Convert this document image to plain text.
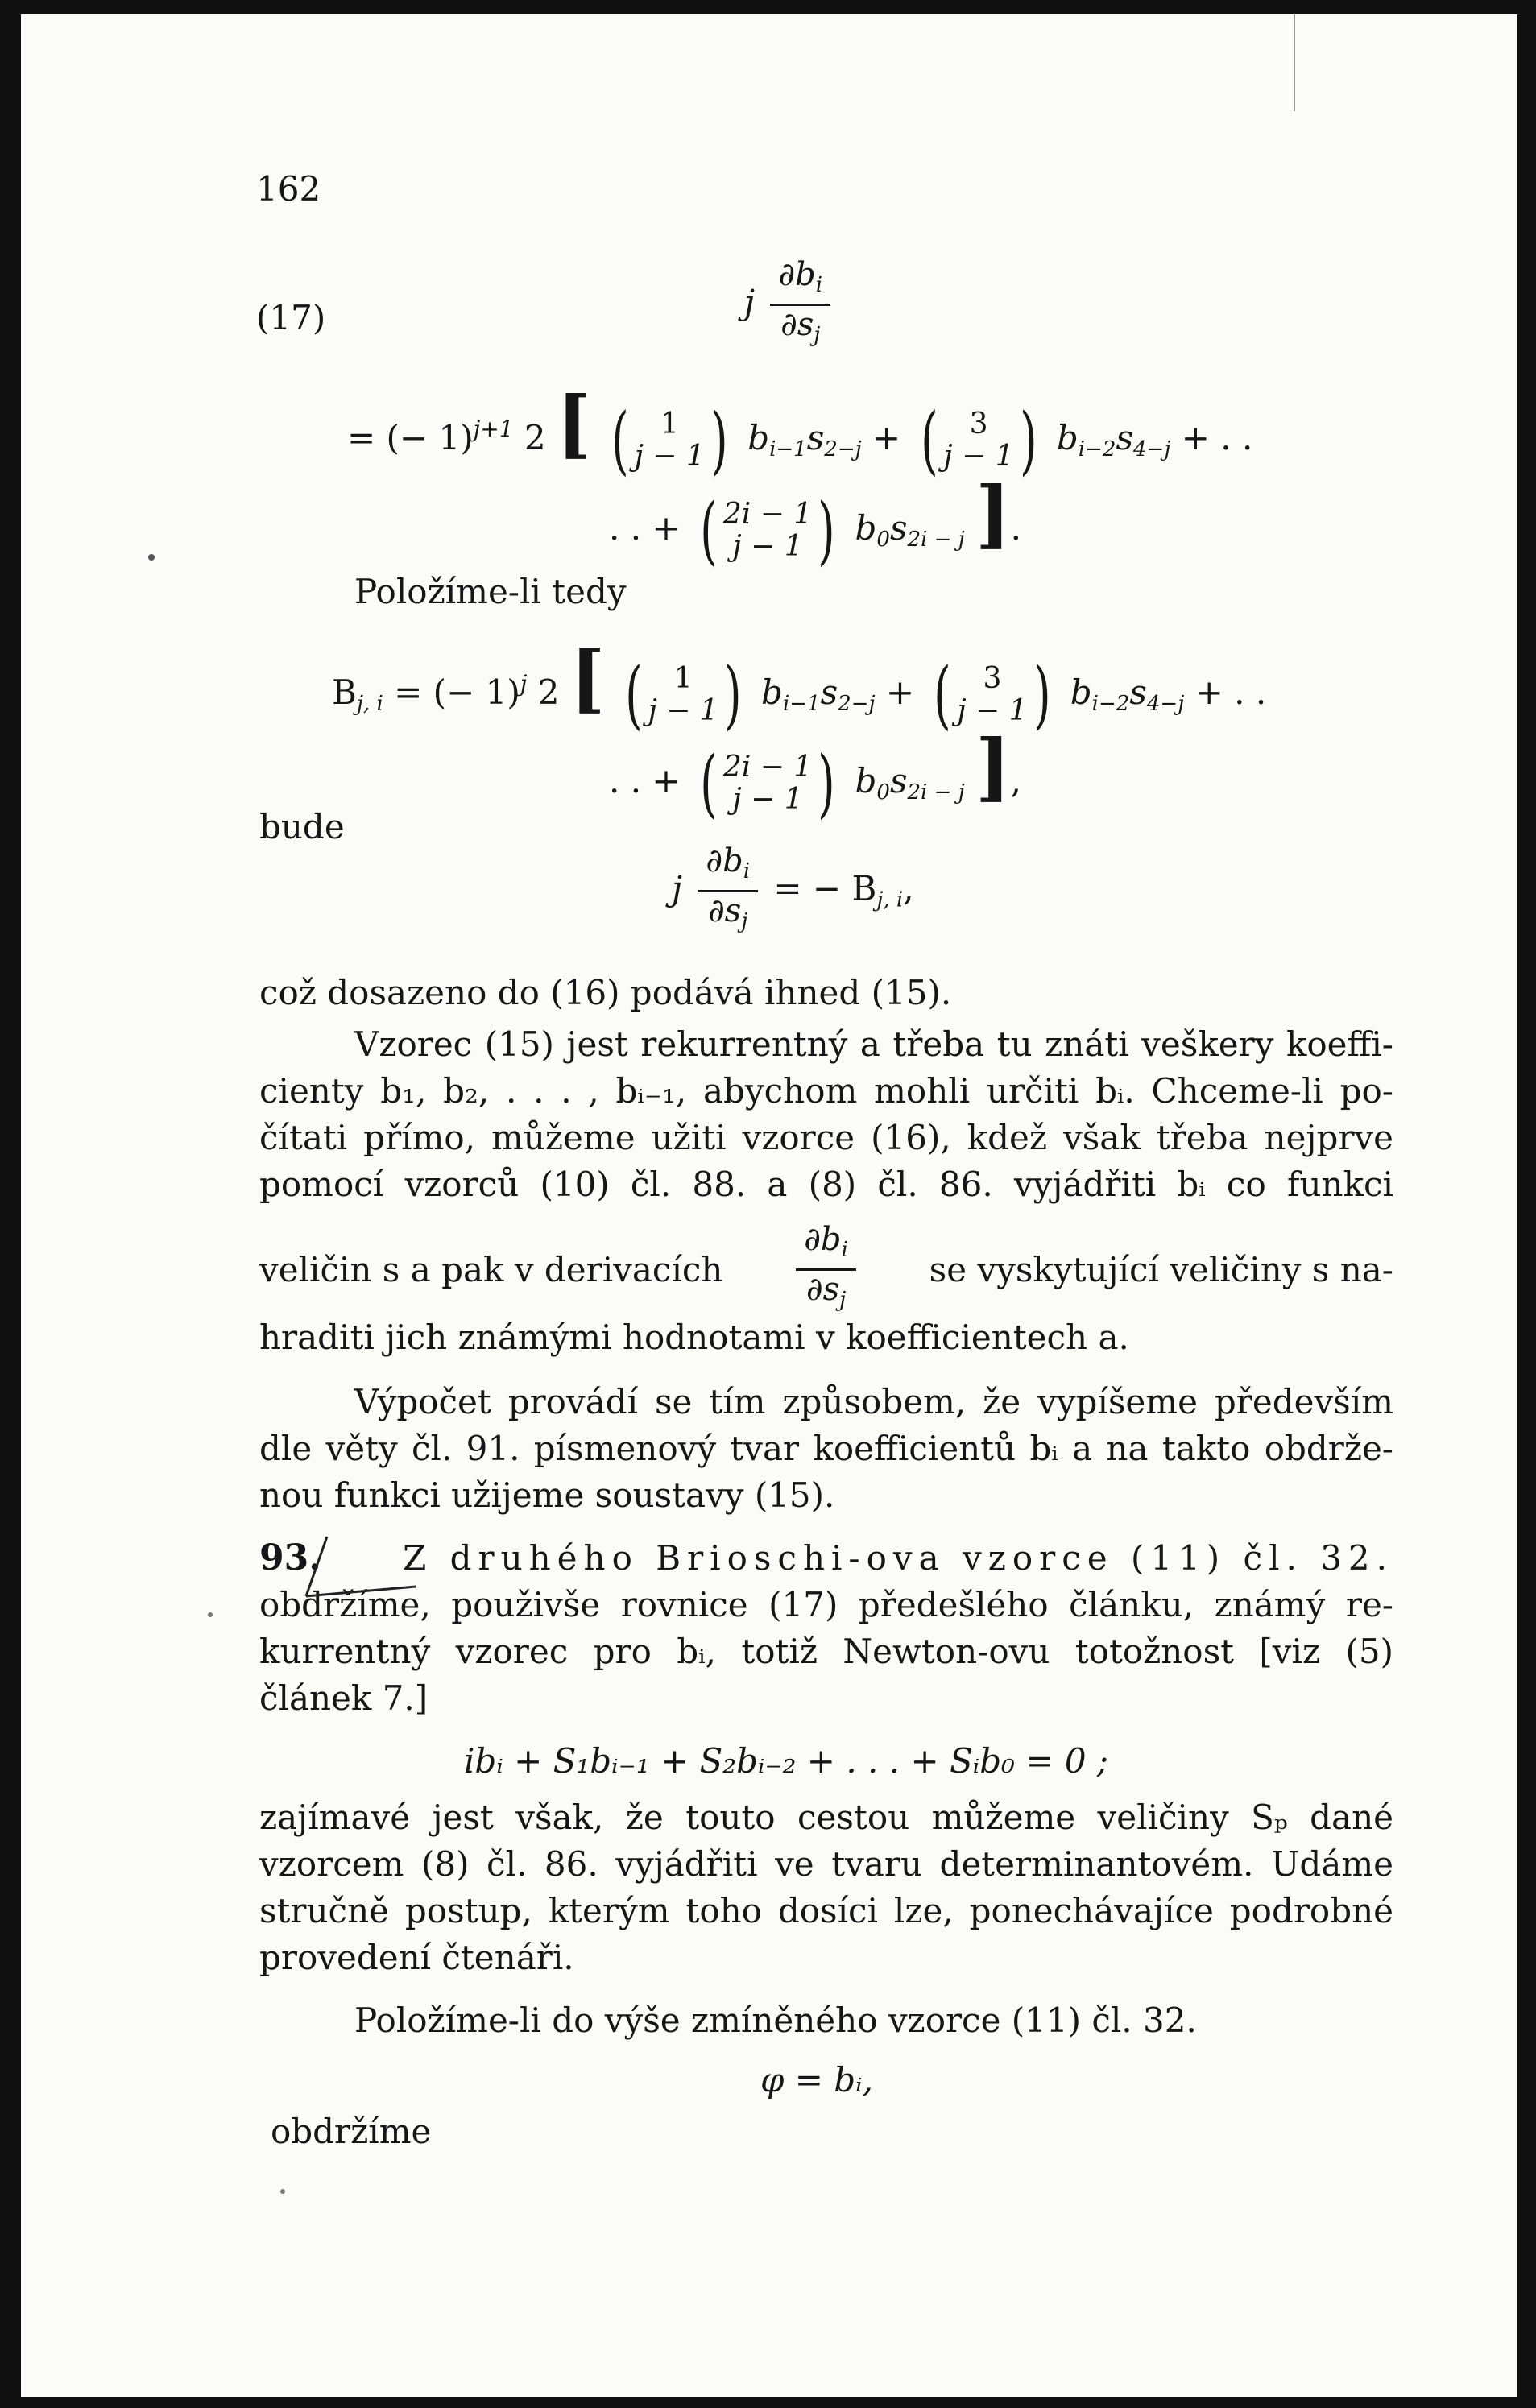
162
(17)	j $\frac{\partial b_i}{\partial s_j}$
= (− 1)$^{j+1}$ 2 [ ( 1
j − 1 ) $b_{i-1}s_{2-j}$ + ( 3
j − 1 ) $b_{i-2}s_{4-j}$ + . .
. . + ( 2i − 1
j − 1 ) $b_0s_{2i - j}$ ].
Položíme-li tedy
$B_{j, i}$ = (− 1)$^j$ 2 [ ( 1
j − 1 ) $b_{i-1}s_{2-j}$ + ( 3
j − 1 ) $b_{i-2}s_{4-j}$ + . .
. . + ( 2i − 1
j − 1 ) $b_0s_{2i - j}$ ],
bude
j $\frac{\partial b_i}{\partial s_j}$ = − $B_{j, i}$,
což dosazeno do (16) podává ihned (15).
Vzorec (15) jest rekurrentný a třeba tu znáti veškery koeffi-
cienty b₁, b₂, . . . , bᵢ₋₁, abychom mohli určiti bᵢ. Chceme-li po-
čítati přímo, můžeme užiti vzorce (16), kdež však třeba nejprve
pomocí vzorců (10) čl. 88. a (8) čl. 86. vyjádřiti bᵢ co funkci
veličin s a pak v derivacích $\frac{\partial b_i}{\partial s_j}$ se vyskytující veličiny s na-
hraditi jich známými hodnotami v koefficientech a.
Výpočet provádí se tím způsobem, že vypíšeme především
dle věty čl. 91. písmenový tvar koefficientů bᵢ a na takto obdrže-
nou funkci užijeme soustavy (15).
93. Z druhého Brioschi-ova vzorce (11) čl. 32.
obdržíme, použivše rovnice (17) předešlého článku, známý re-
kurrentný vzorec pro bᵢ, totiž Newton-ovu totožnost [viz (5)
článek 7.]
ibᵢ + S₁bᵢ₋₁ + S₂bᵢ₋₂ + . . . + Sᵢb₀ = 0 ;
zajímavé jest však, že touto cestou můžeme veličiny Sₚ dané
vzorcem (8) čl. 86. vyjádřiti ve tvaru determinantovém. Udáme
stručně postup, kterým toho dosíci lze, ponechávajíce podrobné
provedení čtenáři.
Položíme-li do výše zmíněného vzorce (11) čl. 32.
φ = bᵢ,
obdržíme
